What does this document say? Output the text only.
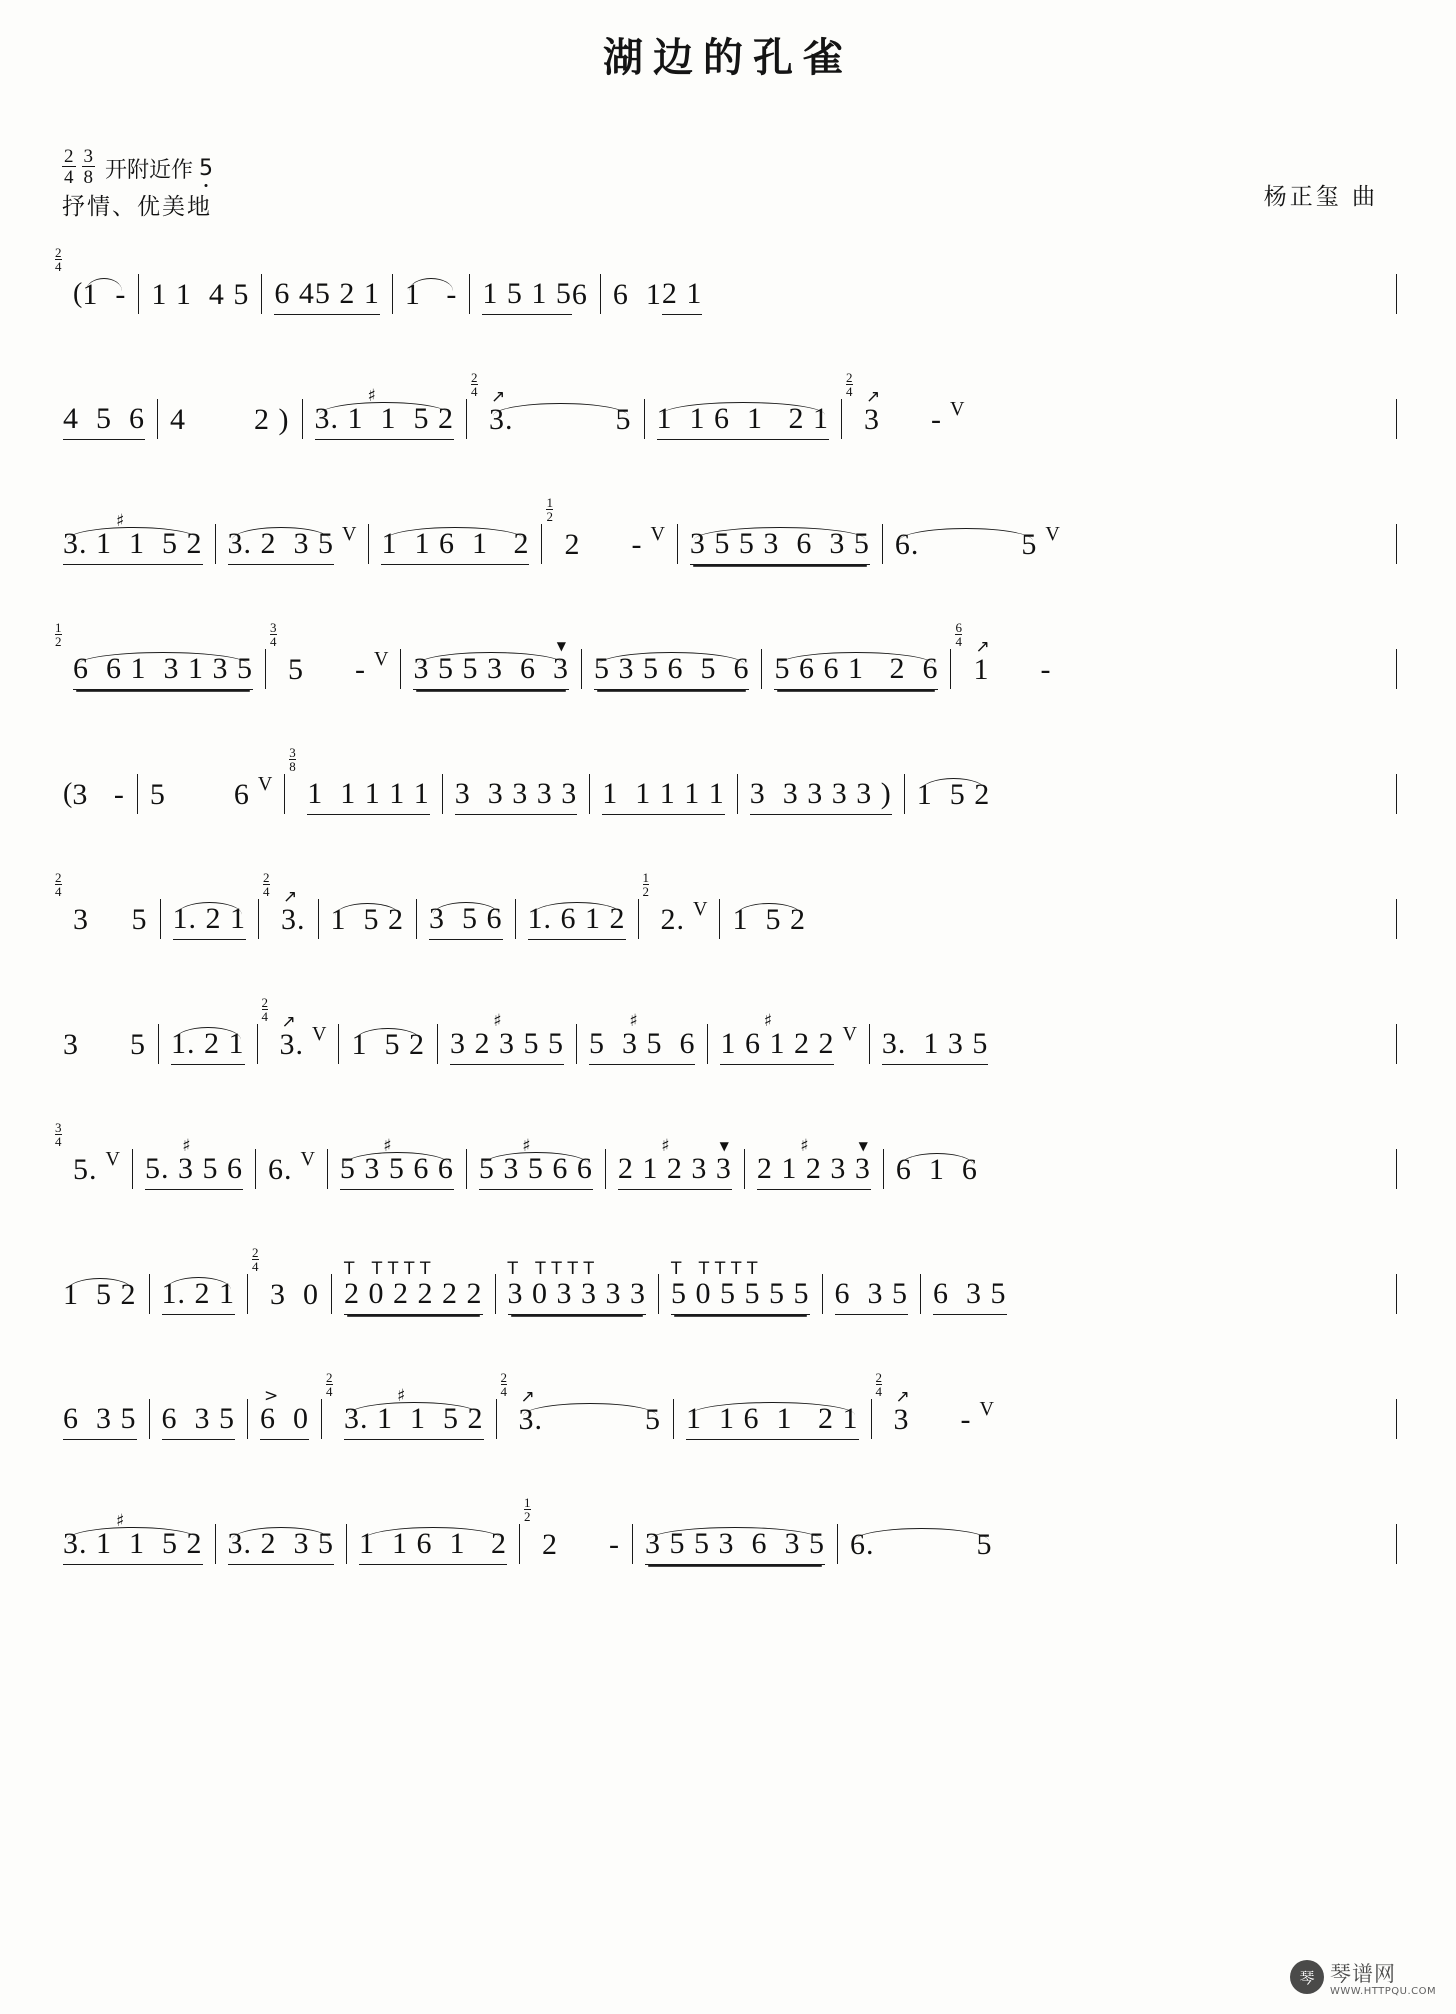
湖边的孔雀
$\frac{2}{4} \frac{3}{8}$ 开附近作 5
抒情、优美地	杨正玺 曲
(
$\frac{2}{4}$
1  - 1 1  4 5 6 4 5 2 1 1   - 1 5 1 5 6 6  1 2 1
4  5  6 4        2 ) 3. 1  1  5 2
♯	$\frac{2}{4}$
3.            5
↗
1  1 6  1   2 1
$\frac{2}{4}$
3      -
↗
V
3. 1  1  5 2
♯
3. 2  3 5 V 1  1 6  1   2
$\frac{1}{2}$
2      - V 3 5 5 3  6  3 5 6.            5 V
$\frac{1}{2}$
6  6 1  3 1 3 5
$\frac{3}{4}$
5      - V 3 5 5 3  6  3
▼
5 3 5 6  5  6 5 6 6 1   2  6
$\frac{6}{4}$
1      -
↗
( 3   - 5        6 V
$\frac{3}{8}$
1  1 1 1 1 3  3 3 3 3 1  1 1 1 1 3  3 3 3 3 ) 1  5 2
$\frac{2}{4}$
3     5 1. 2 1
$\frac{2}{4}$
3.
↗
1  5 2 3  5 6 1. 6 1 2
$\frac{1}{2}$
2. V 1  5 2
3      5 1. 2 1
$\frac{2}{4}$
3.
↗
V 1  5 2 3 2 3 5 5
♯
5  3 5  6
♯
1 6 1 2 2
♯
V 3.  1 3 5
$\frac{3}{4}$
5. V 5. 3 5 6
♯
6. V 5 3 5 6 6
♯
5 3 5 6 6
♯
2 1 2 3 3
♯	▼
2 1 2 3 3
♯	▼
6  1  6
1  5 2 1. 2 1
$\frac{2}{4}$
3  0 2 0 2 2 2 2
T TTTT
3 0 3 3 3 3
T TTTT
5 0 5 5 5 5
T TTTT
6  3 5 6  3 5
6  3 5 6  3 5 6  0
>	$\frac{2}{4}$
3. 1  1  5 2
♯	$\frac{2}{4}$
3.            5
↗
1  1 6  1   2 1
$\frac{2}{4}$
3      -
↗
V
3. 1  1  5 2
♯
3. 2  3 5 1  1 6  1   2
$\frac{1}{2}$
2      - 3 5 5 3  6  3 5 6.            5
琴 琴谱网
WWW.HTTPQU.COM
